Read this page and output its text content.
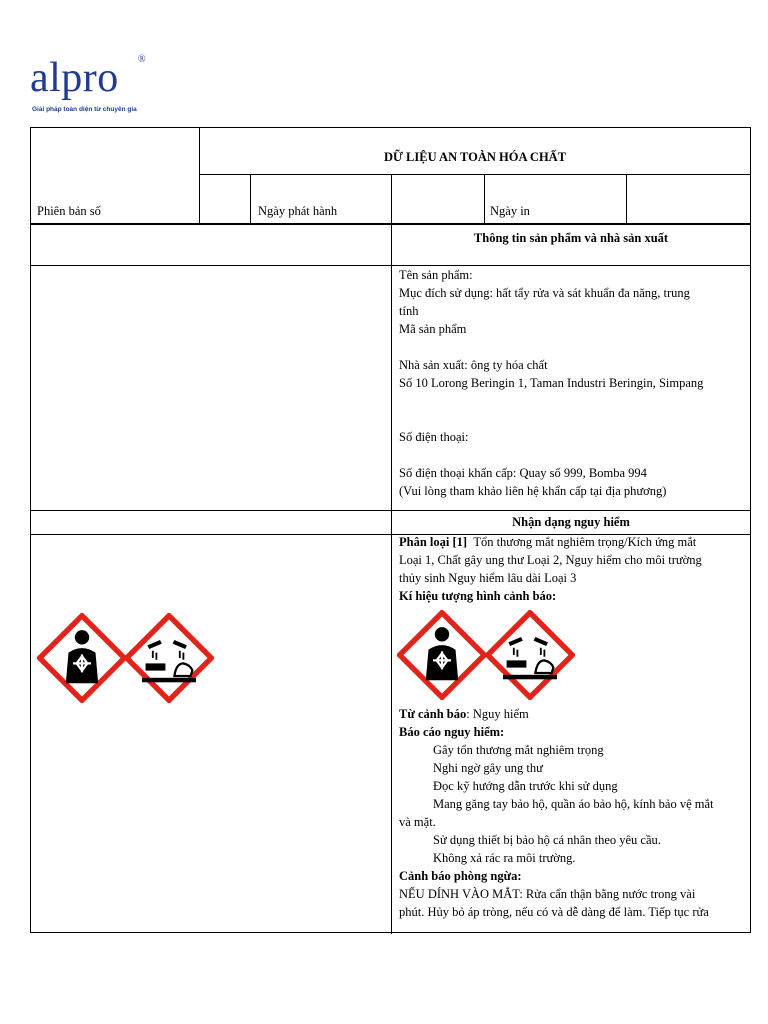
alpro ®
Giải pháp toàn diện từ chuyên gia
DỮ LIỆU AN TOÀN HÓA CHẤT
Phiên bản số	Ngày phát hành	Ngày in
Thông tin sản phẩm và nhà sản xuất
Tên sản phẩm:
Mục đích sử dụng: hất tẩy rửa và sát khuẩn đa năng, trung
tính
Mã sản phẩm
Nhà sản xuất: ông ty hóa chất
Số 10 Lorong Beringin 1, Taman Industri Beringin, Simpang
Số điện thoại:
Số điện thoại khẩn cấp: Quay số 999, Bomba 994
(Vui lòng tham khảo liên hệ khẩn cấp tại địa phương)
Nhận dạng nguy hiểm
Phân loại [1] Tổn thương mắt nghiêm trọng/Kích ứng mắt
Loại 1, Chất gây ung thư Loại 2, Nguy hiểm cho môi trường
thủy sinh Nguy hiểm lâu dài Loại 3
Kí hiệu tượng hình cảnh báo:
Từ cảnh báo: Nguy hiểm
Báo cáo nguy hiểm:
Gây tổn thương mắt nghiêm trọng
Nghi ngờ gây ung thư
Đọc kỹ hướng dẫn trước khi sử dụng
Mang găng tay bảo hộ, quần áo bảo hộ, kính bảo vệ mắt
và mặt.
Sử dụng thiết bị bảo hộ cá nhân theo yêu cầu.
Không xả rác ra môi trường.
Cảnh báo phòng ngừa:
NẾU DÍNH VÀO MẮT: Rửa cẩn thận bằng nước trong vài
phút. Hủy bỏ áp tròng, nếu có và dễ dàng để làm. Tiếp tục rửa
